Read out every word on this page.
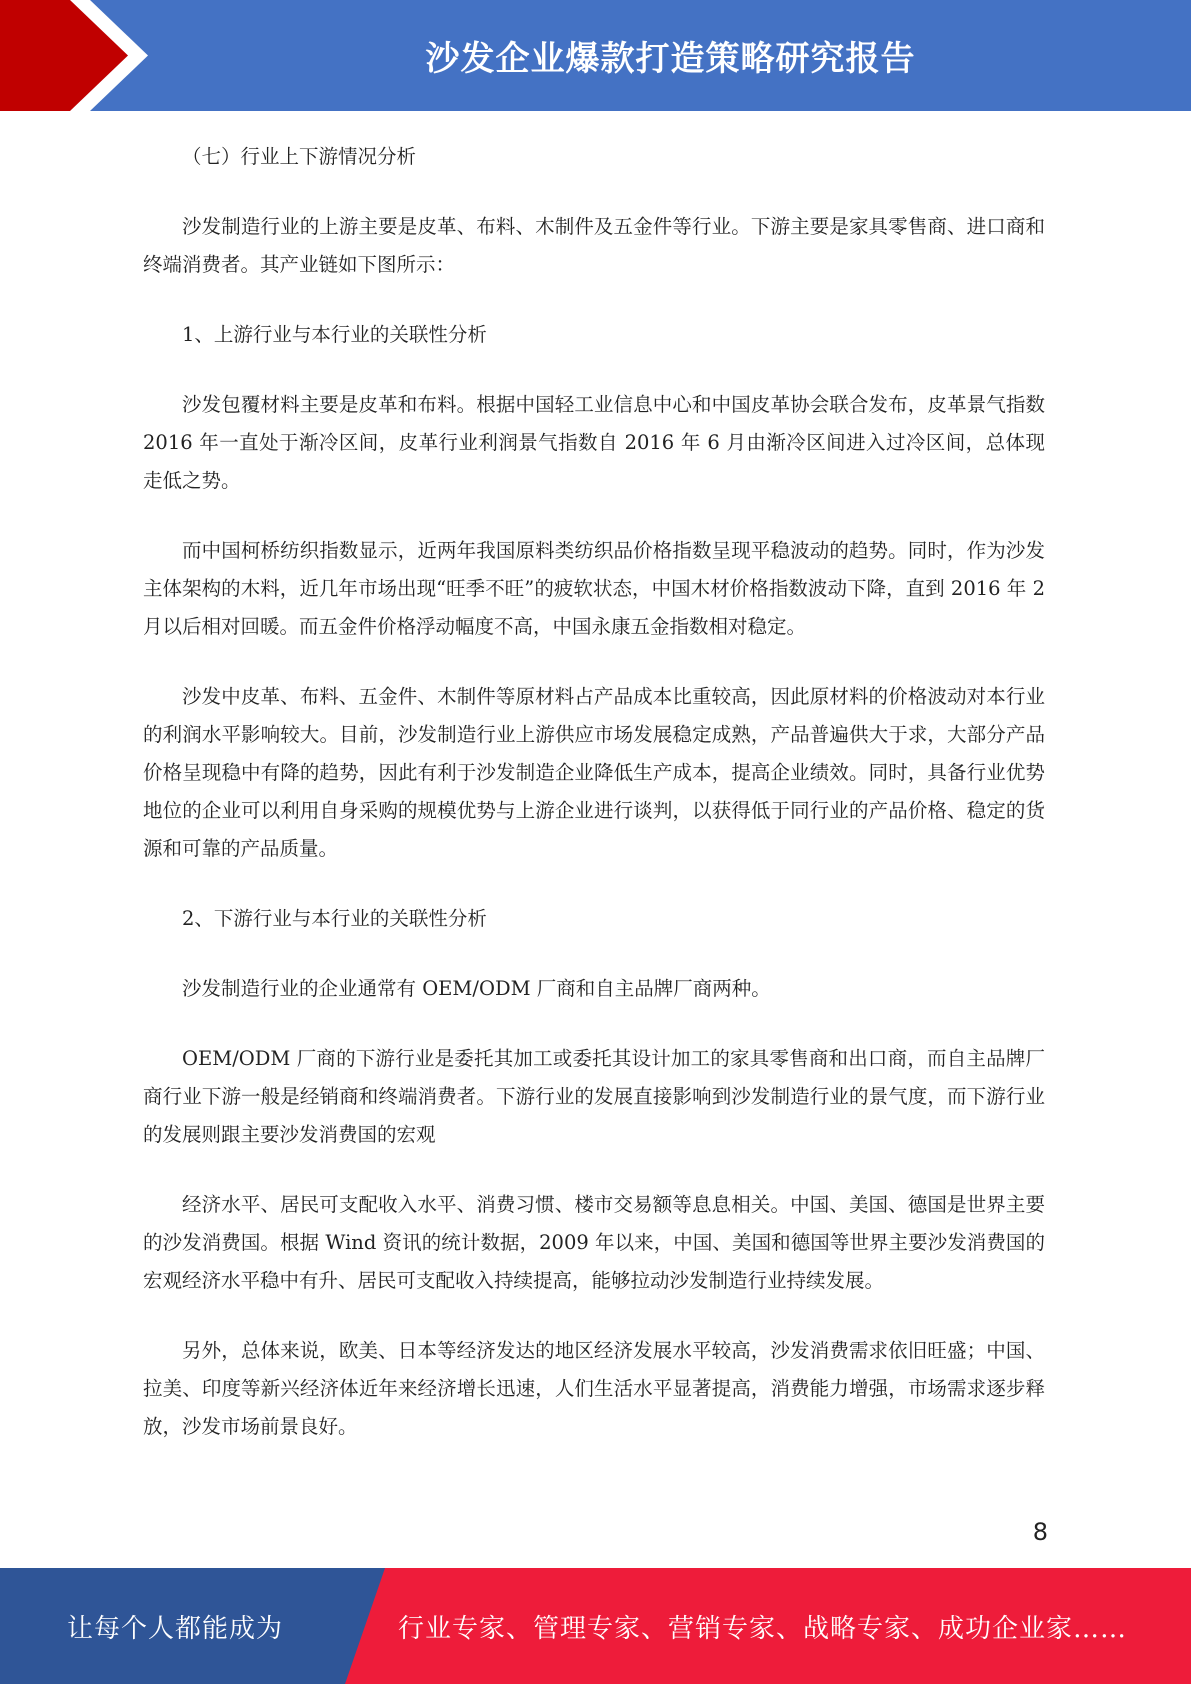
沙发企业爆款打造策略研究报告

（七）行业上下游情况分析

沙发制造行业的上游主要是皮革、布料、木制件及五金件等行业。下游主要是家具零售商、进口商和终端消费者。其产业链如下图所示：

1、上游行业与本行业的关联性分析

沙发包覆材料主要是皮革和布料。根据中国轻工业信息中心和中国皮革协会联合发布，皮革景气指数 2016 年一直处于渐冷区间，皮革行业利润景气指数自 2016 年 6 月由渐冷区间进入过冷区间，总体现走低之势。

而中国柯桥纺织指数显示，近两年我国原料类纺织品价格指数呈现平稳波动的趋势。同时，作为沙发主体架构的木料，近几年市场出现“旺季不旺”的疲软状态，中国木材价格指数波动下降，直到 2016 年 2 月以后相对回暖。而五金件价格浮动幅度不高，中国永康五金指数相对稳定。

沙发中皮革、布料、五金件、木制件等原材料占产品成本比重较高，因此原材料的价格波动对本行业的利润水平影响较大。目前，沙发制造行业上游供应市场发展稳定成熟，产品普遍供大于求，大部分产品价格呈现稳中有降的趋势，因此有利于沙发制造企业降低生产成本，提高企业绩效。同时，具备行业优势地位的企业可以利用自身采购的规模优势与上游企业进行谈判，以获得低于同行业的产品价格、稳定的货源和可靠的产品质量。

2、下游行业与本行业的关联性分析

沙发制造行业的企业通常有 OEM/ODM 厂商和自主品牌厂商两种。

OEM/ODM 厂商的下游行业是委托其加工或委托其设计加工的家具零售商和出口商，而自主品牌厂商行业下游一般是经销商和终端消费者。下游行业的发展直接影响到沙发制造行业的景气度，而下游行业的发展则跟主要沙发消费国的宏观

经济水平、居民可支配收入水平、消费习惯、楼市交易额等息息相关。中国、美国、德国是世界主要的沙发消费国。根据 Wind 资讯的统计数据，2009 年以来，中国、美国和德国等世界主要沙发消费国的宏观经济水平稳中有升、居民可支配收入持续提高，能够拉动沙发制造行业持续发展。

另外，总体来说，欧美、日本等经济发达的地区经济发展水平较高，沙发消费需求依旧旺盛；中国、拉美、印度等新兴经济体近年来经济增长迅速，人们生活水平显著提高，消费能力增强，市场需求逐步释放，沙发市场前景良好。

8
让每个人都能成为	行业专家、管理专家、营销专家、战略专家、成功企业家……
